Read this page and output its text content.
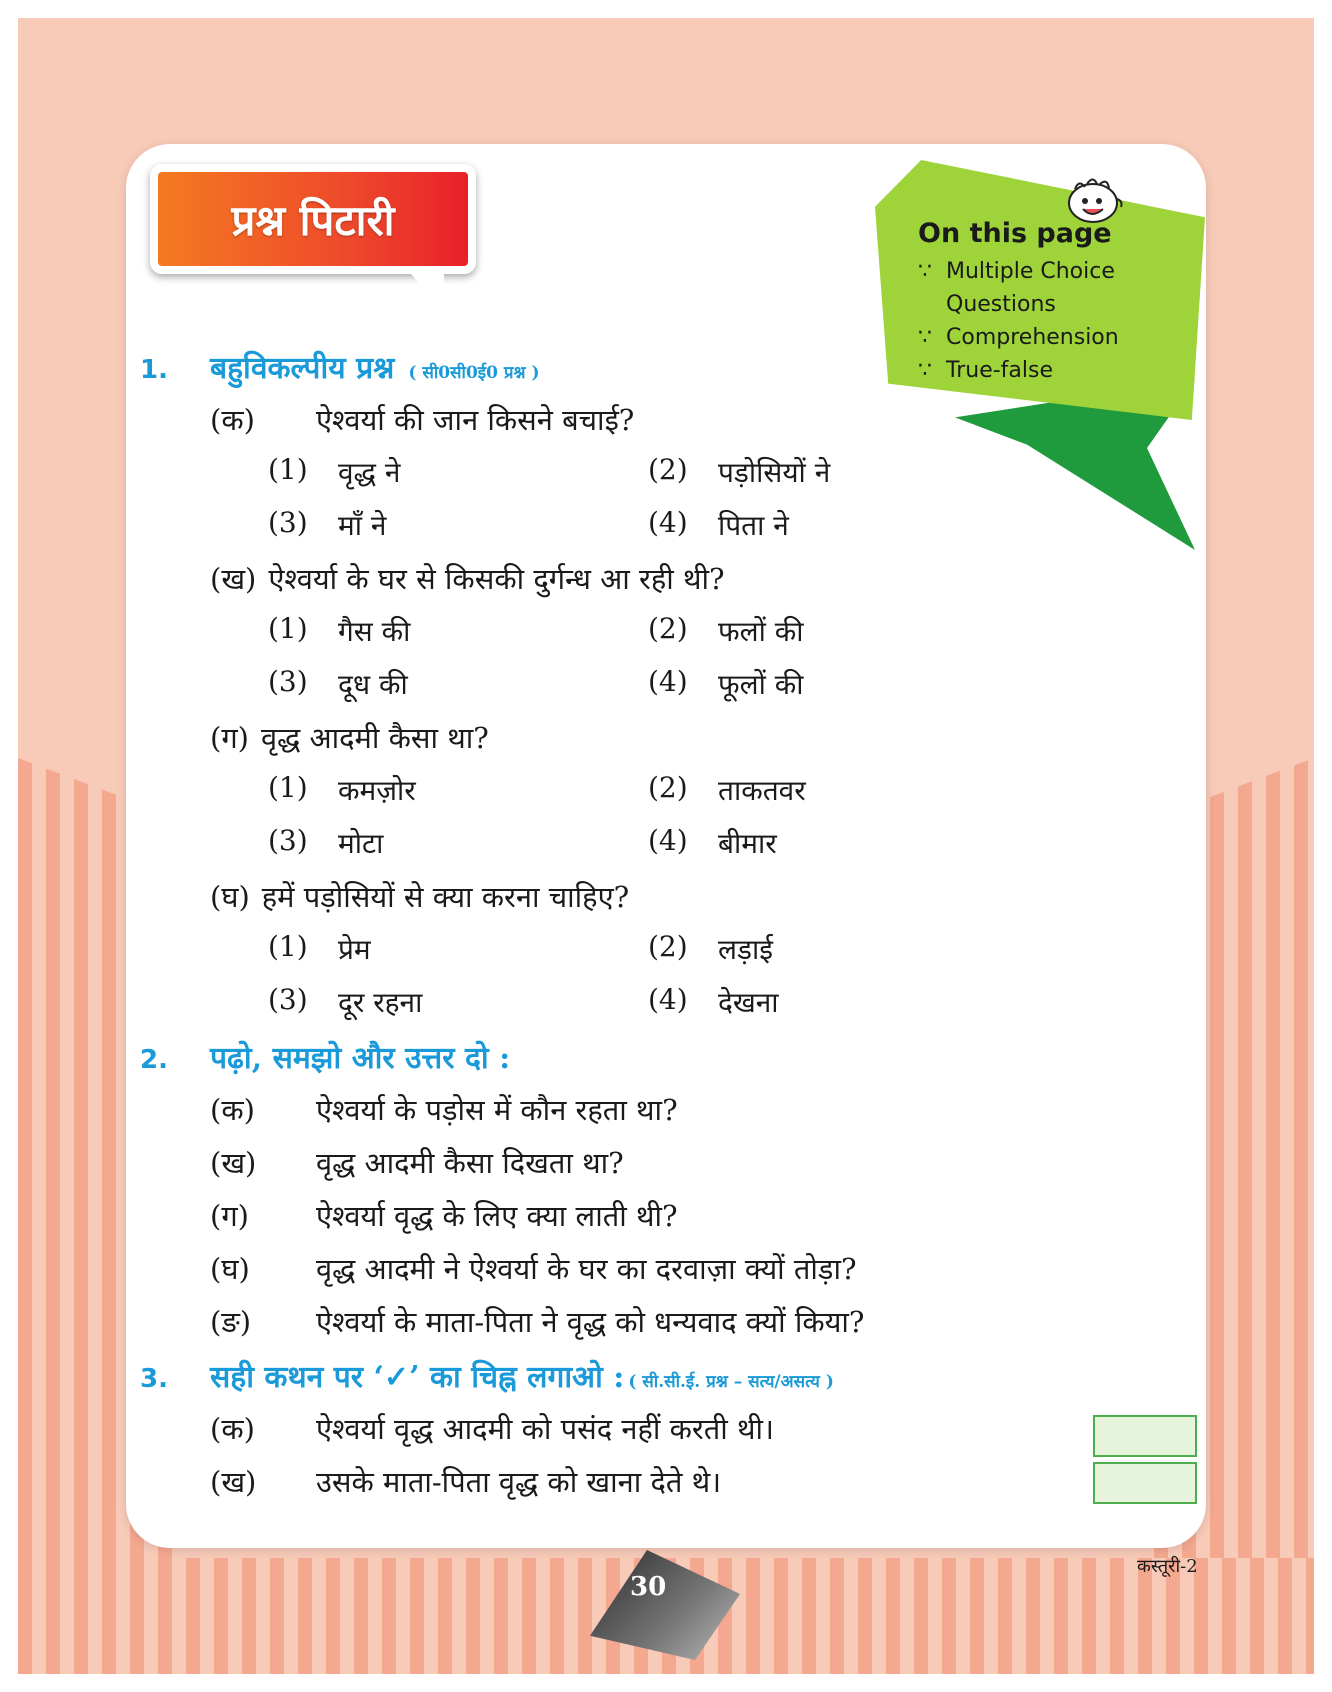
प्रश्न पिटारी	On this page
∵ Multiple Choice
Questions
∵ Comprehension
∵ True-false
1.	बहुविकल्पीय प्रश्न ( सी0सी0ई0 प्रश्न )
(क)	ऐश्वर्या की जान किसने बचाई?
(1)	वृद्ध ने	(2)	पड़ोसियों ने
(3)	माँ ने	(4)	पिता ने
(ख) ऐश्वर्या के घर से किसकी दुर्गन्ध आ रही थी?
(1)	गैस की	(2)	फलों की
(3)	दूध की	(4)	फूलों की
(ग) वृद्ध आदमी कैसा था?
(1)	कमज़ोर	(2)	ताकतवर
(3)	मोटा	(4)	बीमार
(घ) हमें पड़ोसियों से क्या करना चाहिए?
(1)	प्रेम	(2)	लड़ाई
(3)	दूर रहना	(4)	देखना
2.	पढ़ो, समझो और उत्तर दो :
(क)	ऐश्वर्या के पड़ोस में कौन रहता था?
(ख)	वृद्ध आदमी कैसा दिखता था?
(ग)	ऐश्वर्या वृद्ध के लिए क्या लाती थी?
(घ)	वृद्ध आदमी ने ऐश्वर्या के घर का दरवाज़ा क्यों तोड़ा?
(ङ)	ऐश्वर्या के माता-पिता ने वृद्ध को धन्यवाद क्यों किया?
3.	सही कथन पर ‘✓’ का चिह्न लगाओ : ( सी.सी.ई. प्रश्न – सत्य/असत्य )
(क)	ऐश्वर्या वृद्ध आदमी को पसंद नहीं करती थी।
(ख)	उसके माता-पिता वृद्ध को खाना देते थे।
30
कस्तूरी-2
